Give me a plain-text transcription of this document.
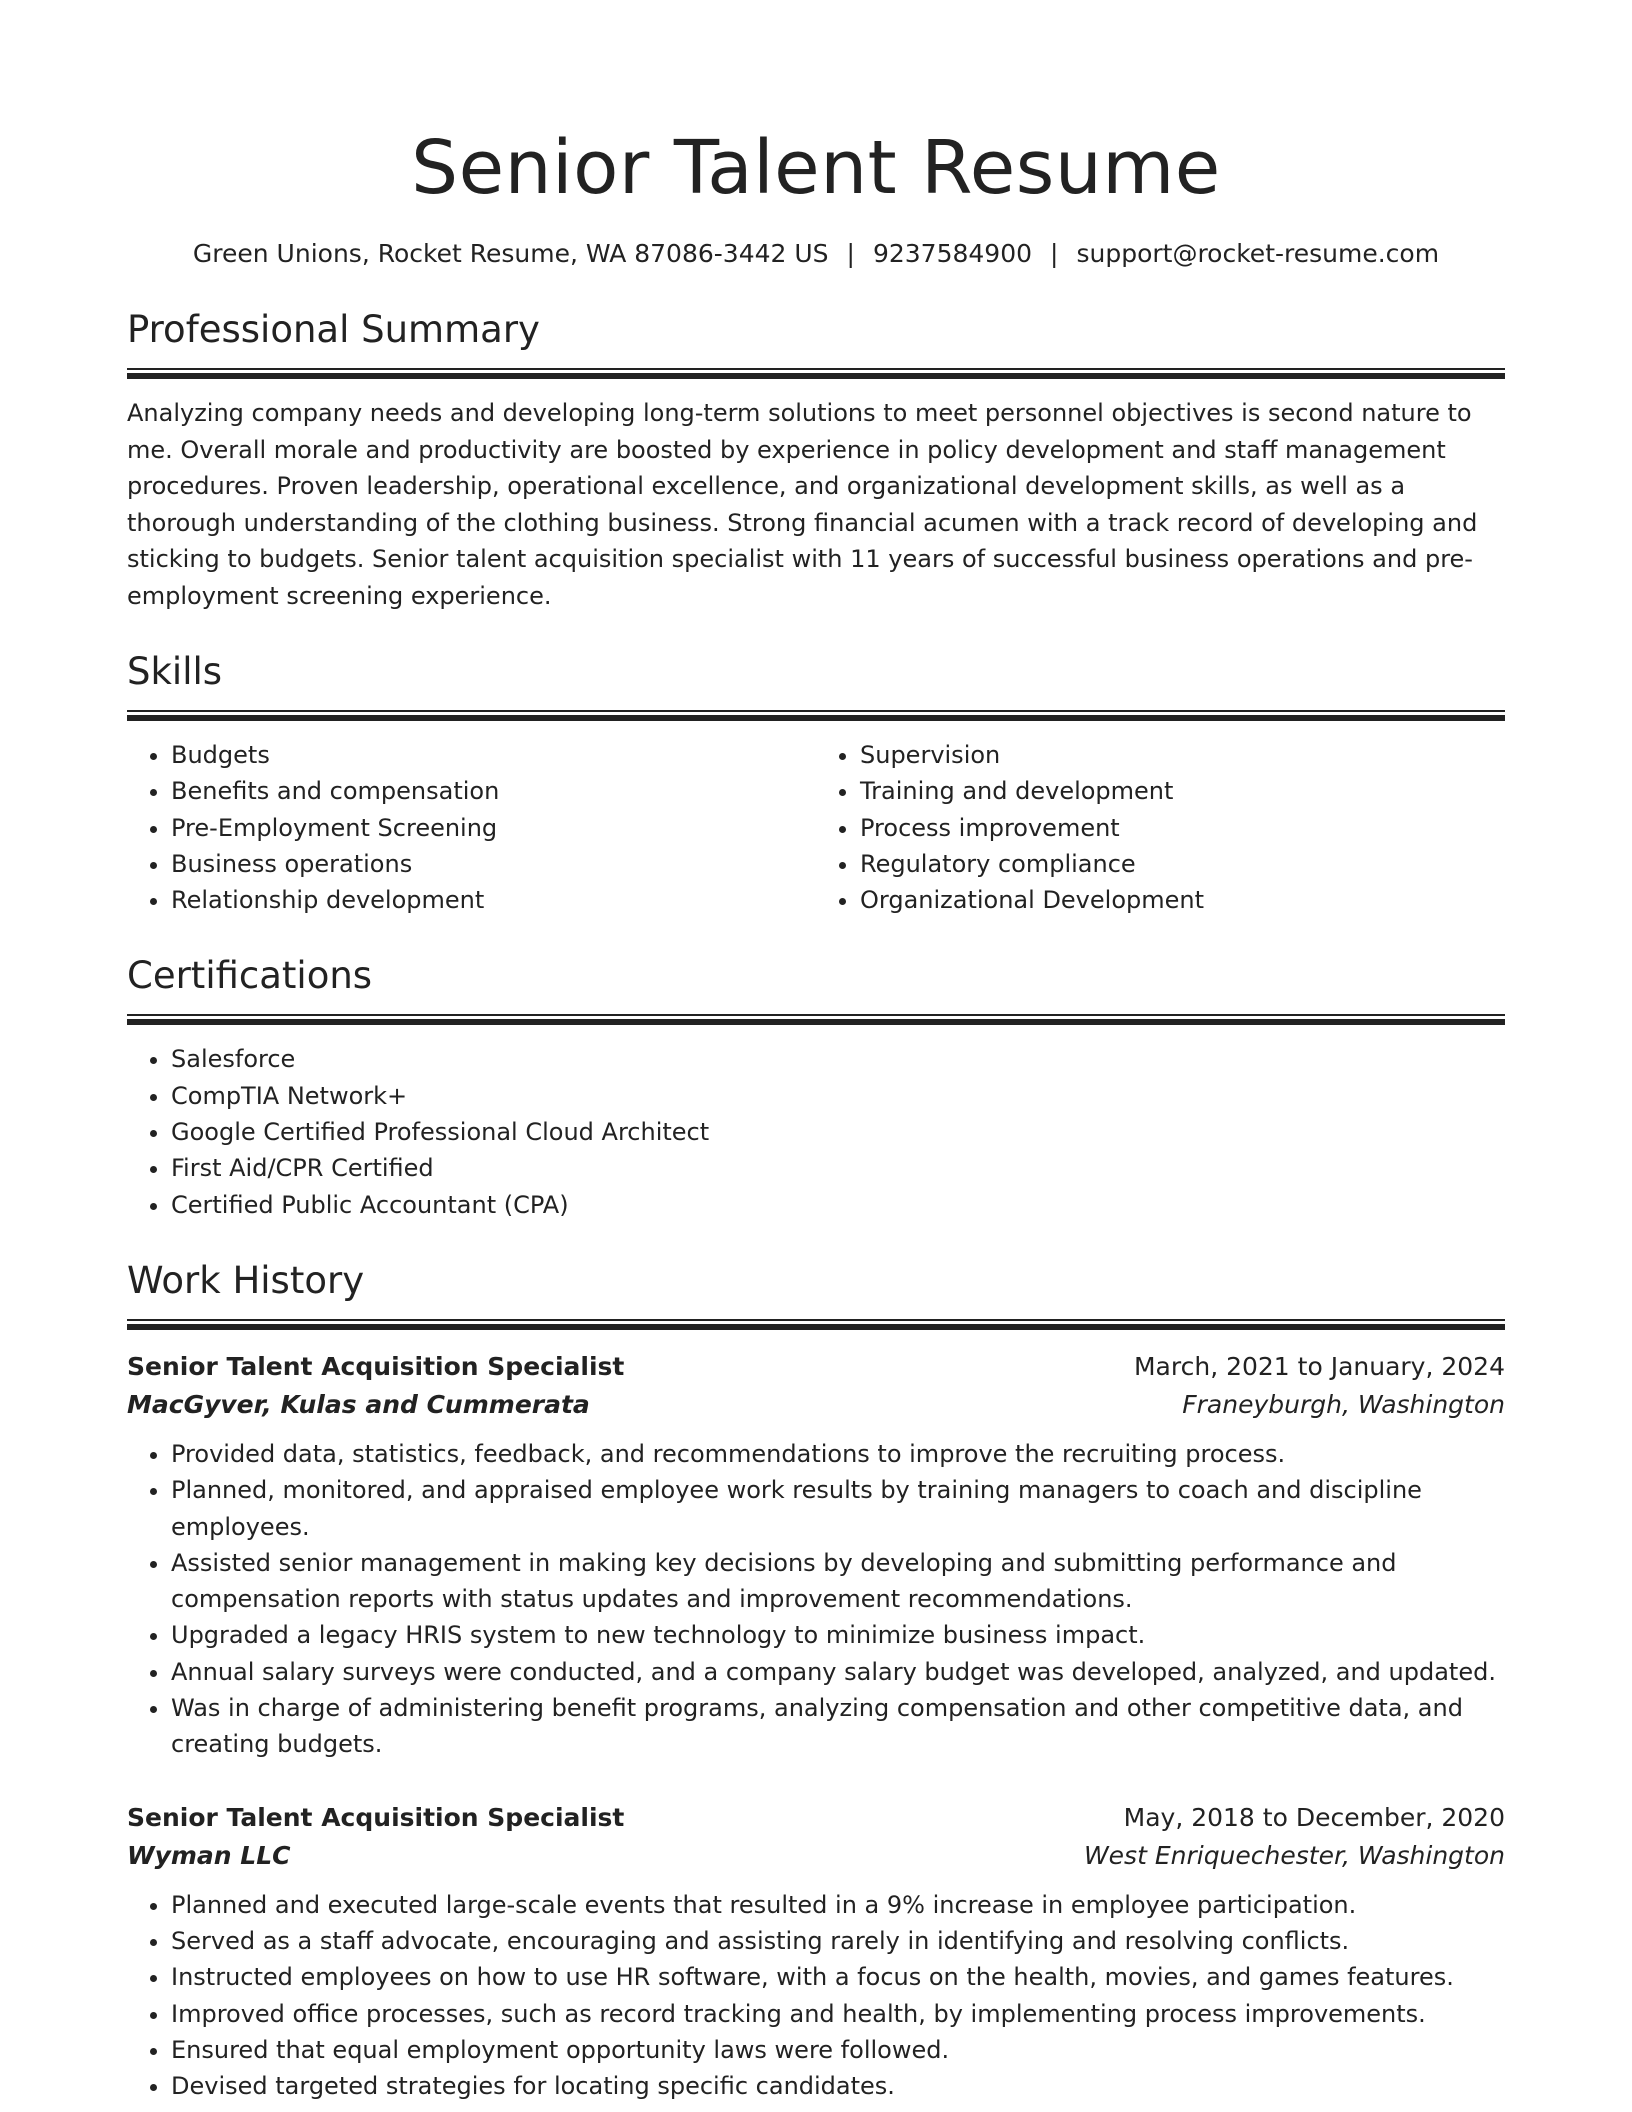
Senior Talent Resume
Green Unions, Rocket Resume, WA 87086-3442 US | 9237584900 | support@rocket-resume.com
Professional Summary

Analyzing company needs and developing long-term solutions to meet personnel objectives is second nature to me. Overall morale and productivity are boosted by experience in policy development and staff management procedures. Proven leadership, operational excellence, and organizational development skills, as well as a thorough understanding of the clothing business. Strong financial acumen with a track record of developing and sticking to budgets. Senior talent acquisition specialist with 11 years of successful business operations and pre-employment screening experience.

Skills
• Budgets
• Benefits and compensation
• Pre-Employment Screening
• Business operations
• Relationship development
• Supervision
• Training and development
• Process improvement
• Regulatory compliance
• Organizational Development
Certifications
• Salesforce
• CompTIA Network+
• Google Certified Professional Cloud Architect
• First Aid/CPR Certified
• Certified Public Accountant (CPA)
Work History
Senior Talent Acquisition Specialist	March, 2021 to January, 2024
MacGyver, Kulas and Cummerata	Franeyburgh, Washington
• Provided data, statistics, feedback, and recommendations to improve the recruiting process.
• Planned, monitored, and appraised employee work results by training managers to coach and discipline employees.
• Assisted senior management in making key decisions by developing and submitting performance and compensation reports with status updates and improvement recommendations.
• Upgraded a legacy HRIS system to new technology to minimize business impact.
• Annual salary surveys were conducted, and a company salary budget was developed, analyzed, and updated.
• Was in charge of administering benefit programs, analyzing compensation and other competitive data, and creating budgets.
Senior Talent Acquisition Specialist	May, 2018 to December, 2020
Wyman LLC	West Enriquechester, Washington
• Planned and executed large-scale events that resulted in a 9% increase in employee participation.
• Served as a staff advocate, encouraging and assisting rarely in identifying and resolving conflicts.
• Instructed employees on how to use HR software, with a focus on the health, movies, and games features.
• Improved office processes, such as record tracking and health, by implementing process improvements.
• Ensured that equal employment opportunity laws were followed.
• Devised targeted strategies for locating specific candidates.
